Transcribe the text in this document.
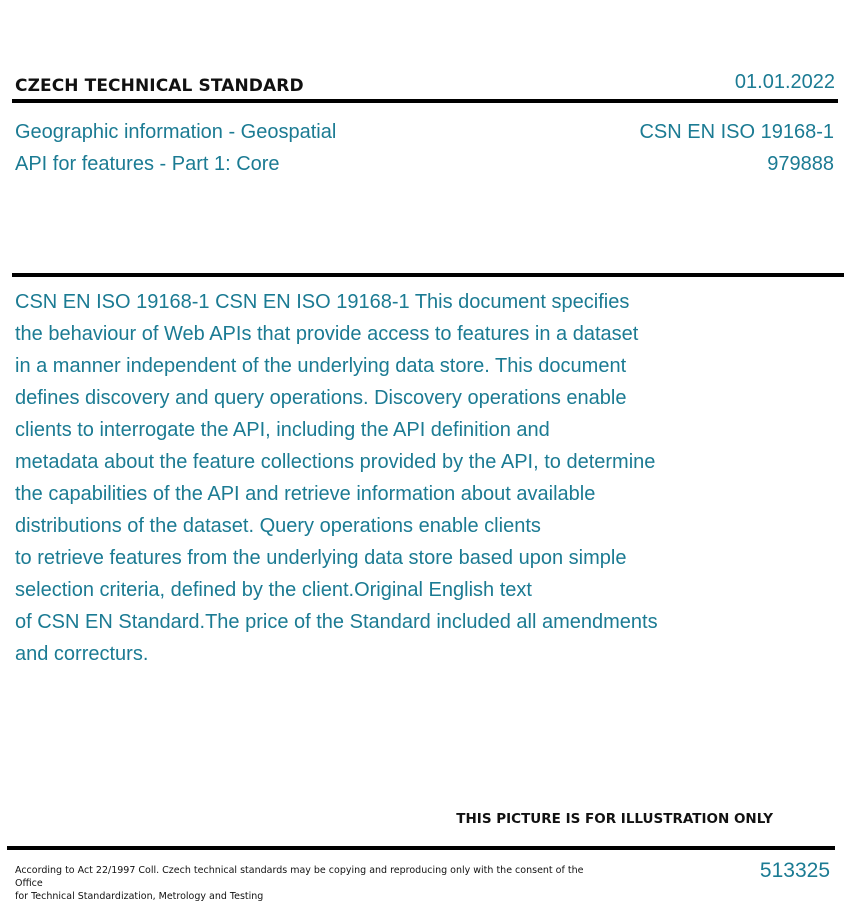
CZECH TECHNICAL STANDARD	01.01.2022
Geographic information - Geospatial
API for features - Part 1: Core
CSN EN ISO 19168-1
979888
CSN EN ISO 19168-1 CSN EN ISO 19168-1 This document specifies
the behaviour of Web APIs that provide access to features in a dataset
in a manner independent of the underlying data store. This document
defines discovery and query operations. Discovery operations enable
clients to interrogate the API, including the API definition and
metadata about the feature collections provided by the API, to determine
the capabilities of the API and retrieve information about available
distributions of the dataset. Query operations enable clients
to retrieve features from the underlying data store based upon simple
selection criteria, defined by the client.Original English text
of CSN EN Standard.The price of the Standard included all amendments
and correcturs.
THIS PICTURE IS FOR ILLUSTRATION ONLY
According to Act 22/1997 Coll. Czech technical standards may be copying and reproducing only with the consent of the Office
for Technical Standardization, Metrology and Testing
513325
